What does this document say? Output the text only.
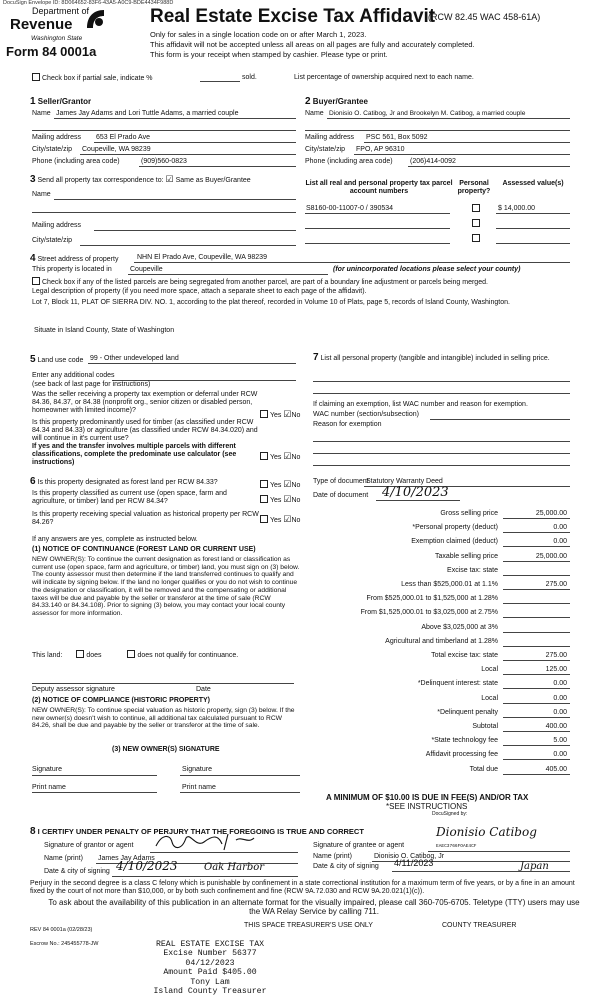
DocuSign Envelope ID: 8D064652-83F6-43A5-A0C9-BDE4434F988D
Department of
Revenue
Washington State
Form 84 0001a
Real Estate Excise Tax Affidavit
(RCW 82.45 WAC 458-61A)
Only for sales in a single location code on or after March 1, 2023.
This affidavit will not be accepted unless all areas on all pages are fully and accurately completed.
This form is your receipt when stamped by cashier. Please type or print.
Check box if partial sale, indicate %	sold.	List percentage of ownership acquired next to each name.
1 Seller/Grantor
Name James Jay Adams and Lori Tuttle Adams, a married couple
Mailing address 653 El Prado Ave
City/state/zip Coupeville, WA 98239
Phone (including area code)	(909)560-0823
2 Buyer/Grantee
Name Dionisio O. Catibog, Jr and Brookelyn M. Catibog, a married couple
Mailing address PSC 561, Box 5092
City/state/zip FPO, AP 96310
Phone (including area code) (206)414-0092
3 Send all property tax correspondence to: ☑ Same as Buyer/Grantee
Name
Mailing address
City/state/zip
List all real and personal property tax parcel account numbers
Personal property?
Assessed value(s)
S8160-00-11007-0 / 390534	$ 14,000.00
4 Street address of property	NHN El Prado Ave, Coupeville, WA 98239
This property is located in	Coupeville	(for unincorporated locations please select your county)
Check box if any of the listed parcels are being segregated from another parcel, are part of a boundary line adjustment or parcels being merged.
Legal description of property (if you need more space, attach a separate sheet to each page of the affidavit).
Lot 7, Block 11, PLAT OF SIERRA DIV. NO. 1, according to the plat thereof, recorded in Volume 10 of Plats, page 5, records of Island County, Washington.
Situate in Island County, State of Washington
5 Land use code 99 - Other undeveloped land
Enter any additional codes
(see back of last page for instructions)
Was the seller receiving a property tax exemption or deferral under RCW 84.36, 84.37, or 84.38 (nonprofit org., senior citizen or disabled person, homeowner with limited income)?
Yes ☑No
Is this property predominantly used for timber (as classified under RCW 84.34 and 84.33) or agriculture (as classified under RCW 84.34.020) and will continue in it's current use?
If yes and the transfer involves multiple parcels with different classifications, complete the predominate use calculator (see instructions)
Yes ☑No
7 List all personal property (tangible and intangible) included in selling price.
If claiming an exemption, list WAC number and reason for exemption.
WAC number (section/subsection)
Reason for exemption
6 Is this property designated as forest land per RCW 84.33?	Yes ☑No
Is this property classified as current use (open space, farm and agriculture, or timber) land per RCW 84.34?	Yes ☑No
Is this property receiving special valuation as historical property per RCW 84.26?	Yes ☑No
If any answers are yes, complete as instructed below.
(1) NOTICE OF CONTINUANCE (FOREST LAND OR CURRENT USE)
NEW OWNER(S): To continue the current designation as forest land or classification as current use (open space, farm and agriculture, or timber) land, you must sign on (3) below. The county assessor must then determine if the land transferred continues to qualify and will indicate by signing below. If the land no longer qualifies or you do not wish to continue the designation or classification, it will be removed and the compensating or additional taxes will be due and payable by the seller or transferor at the time of sale (RCW 84.33.140 or 84.34.108). Prior to signing (3) below, you may contact your local county assessor for more information.
This land:	does	does not qualify for continuance.
Deputy assessor signature	Date
(2) NOTICE OF COMPLIANCE (HISTORIC PROPERTY)
NEW OWNER(S): To continue special valuation as historic property, sign (3) below. If the new owner(s) doesn't wish to continue, all additional tax calculated pursuant to RCW 84.26, shall be due and payable by the seller or transferor at the time of sale.
(3) NEW OWNER(S) SIGNATURE
Signature	Signature
Print name	Print name
Type of document
Statutory Warranty Deed
Date of document 4/10/2023
Gross selling price	25,000.00
*Personal property (deduct)	0.00
Exemption claimed (deduct)	0.00
Taxable selling price	25,000.00
Excise tax: state
Less than $525,000.01 at 1.1%	275.00
From $525,000.01 to $1,525,000 at 1.28%
From $1,525,000.01 to $3,025,000 at 2.75%
Above $3,025,000 at 3%
Agricultural and timberland at 1.28%
Total excise tax: state	275.00
Local	125.00
*Delinquent interest: state	0.00
Local	0.00
*Delinquent penalty	0.00
Subtotal	400.00
*State technology fee	5.00
Affidavit processing fee	0.00
Total due	405.00
A MINIMUM OF $10.00 IS DUE IN FEE(S) AND/OR TAX
*SEE INSTRUCTIONS
8 I CERTIFY UNDER PENALTY OF PERJURY THAT THE FOREGOING IS TRUE AND CORRECT
Signature of grantor or agent
Name (print) James Jay Adams
Date & city of signing 4/10/2023	Oak Harbor
DocuSigned by:
Signature of grantee or agent
Dionisio Catibog
EAEC3766FOAE4CF
Name (print)	Dionisio O. Catibog, Jr
Date & city of signing 4/11/2023	Japan
Perjury in the second degree is a class C felony which is punishable by confinement in a state correctional institution for a maximum term of five years, or by a fine in an amount fixed by the court of not more than $10,000, or by both such confinement and fine (RCW 9A.72.030 and RCW 9A.20.021(1)(c)).
To ask about the availability of this publication in an alternate format for the visually impaired, please call 360-705-6705. Teletype (TTY) users may use the WA Relay Service by calling 711.
REV 84 0001a (02/28/23)
THIS SPACE TREASURER'S USE ONLY	COUNTY TREASURER
Escrow No.: 245455778-JW	REAL ESTATE EXCISE TAX
Excise Number 56377
04/12/2023
Amount Paid $405.00
Tony Lam
Island County Treasurer
